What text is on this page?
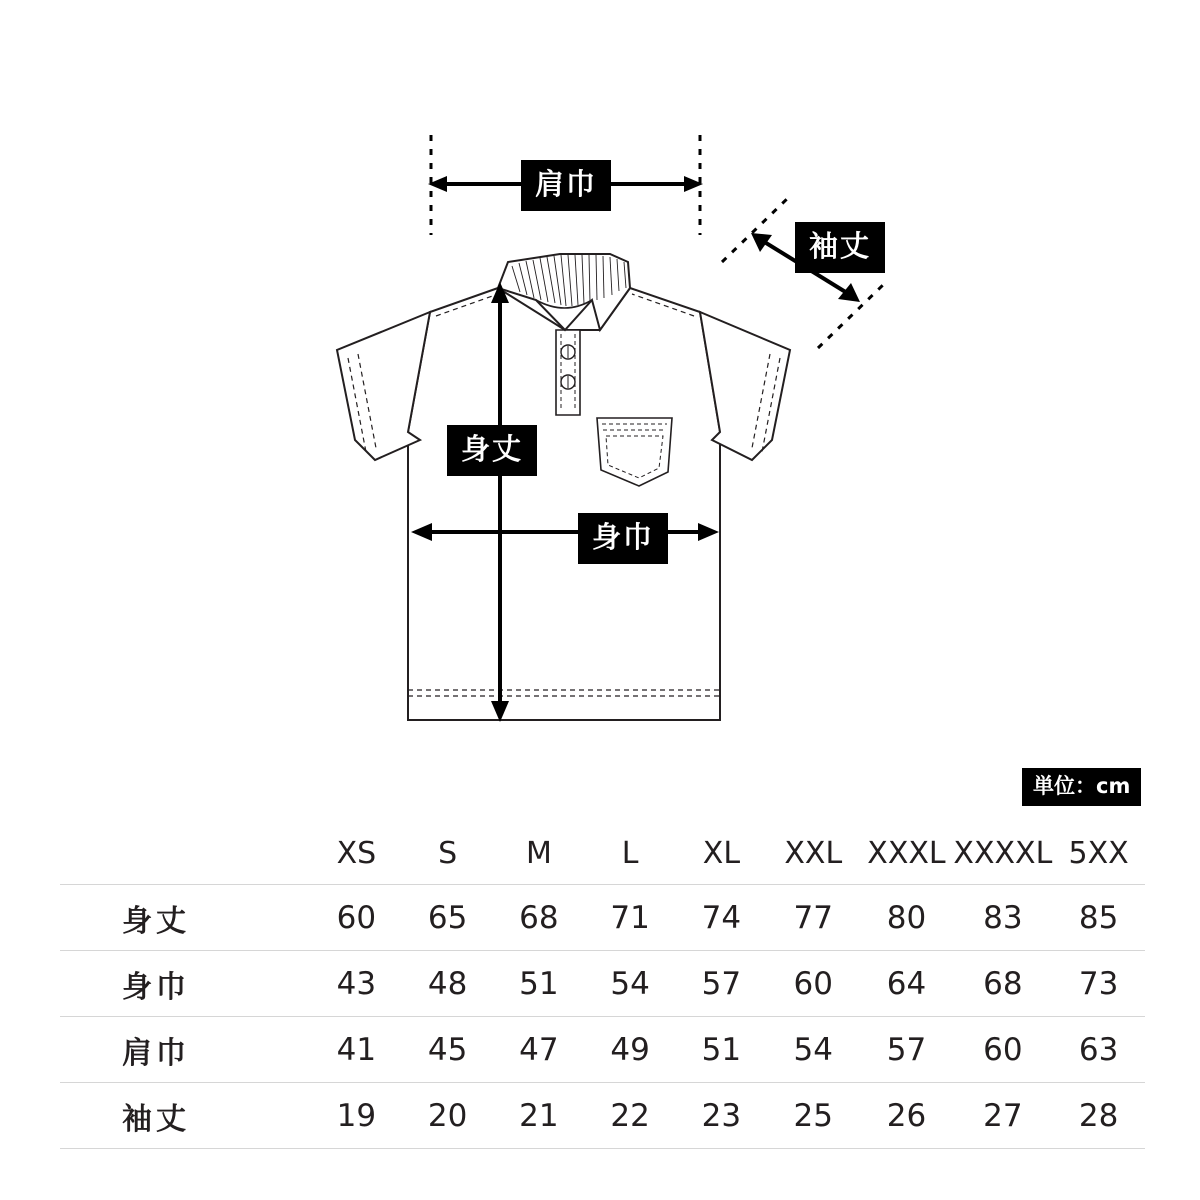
肩巾
袖丈
身丈
身巾
単位：cm
	XS	S	M	L	XL	XXL	XXXL	XXXXL	5XX
身丈	60	65	68	71	74	77	80	83	85
身巾	43	48	51	54	57	60	64	68	73
肩巾	41	45	47	49	51	54	57	60	63
袖丈	19	20	21	22	23	25	26	27	28
